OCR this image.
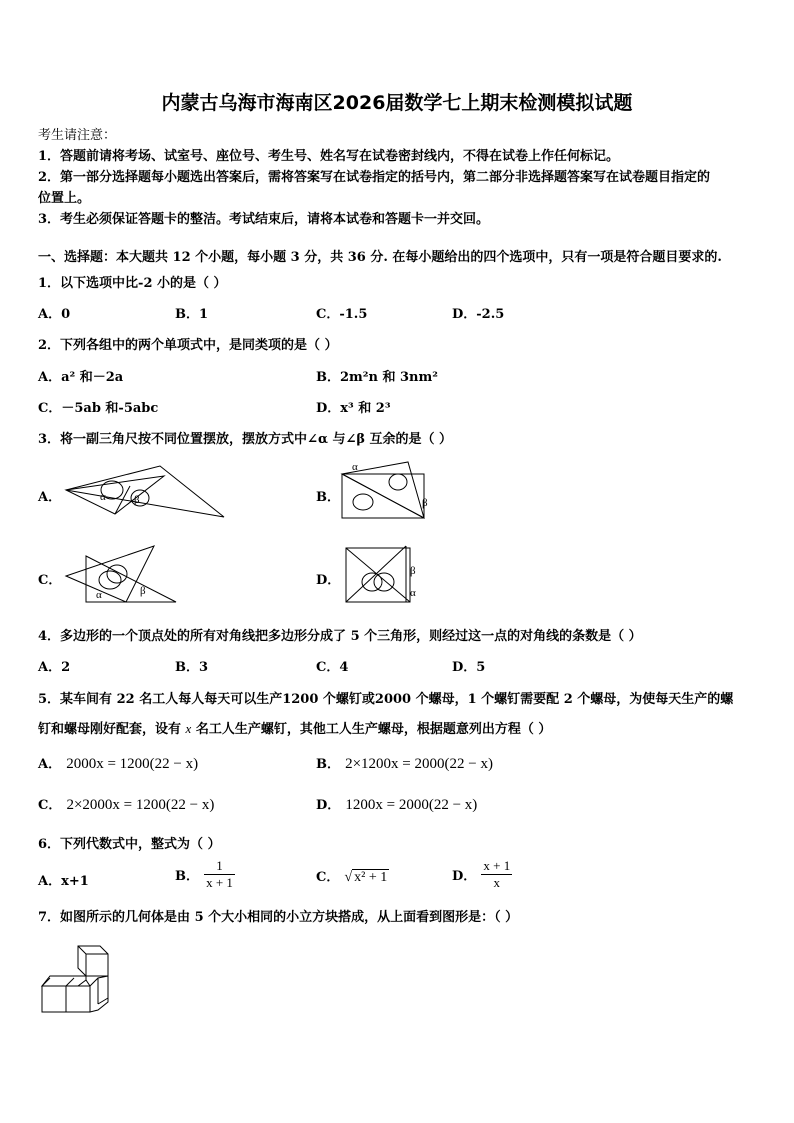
内蒙古乌海市海南区2026届数学七上期末检测模拟试题
考生请注意：
1．答题前请将考场、试室号、座位号、考生号、姓名写在试卷密封线内，不得在试卷上作任何标记。
2．第一部分选择题每小题选出答案后，需将答案写在试卷指定的括号内，第二部分非选择题答案写在试卷题目指定的
位置上。
3．考生必须保证答题卡的整洁。考试结束后，请将本试卷和答题卡一并交回。
一、选择题：本大题共 12 个小题，每小题 3 分，共 36 分. 在每小题给出的四个选项中，只有一项是符合题目要求的.
1．以下选项中比-2 小的是（ ）
A．0	B．1	C．-1.5	D．-2.5
2．下列各组中的两个单项式中，是同类项的是（ ）
A．a² 和－2a	B．2m²n 和 3nm²
C．－5ab 和-5abc	D．x³ 和 2³
3．将一副三角尺按不同位置摆放，摆放方式中∠α 与∠β 互余的是（ ）
A．	B．
C．	D．
α	β
α
β
α	β
β
α
4．多边形的一个顶点处的所有对角线把多边形分成了 5 个三角形，则经过这一点的对角线的条数是（ ）
A．2	B．3	C．4	D．5
5．某车间有 22 名工人每人每天可以生产1200 个螺钉或2000 个螺母，1 个螺钉需要配 2 个螺母，为使每天生产的螺
钉和螺母刚好配套，设有 x 名工人生产螺钉，其他工人生产螺母，根据题意列出方程（ ）
A． 2000x = 1200(22 − x)	B． 2×1200x = 2000(22 − x)
C． 2×2000x = 1200(22 − x)	D． 1200x = 2000(22 − x)
6．下列代数式中，整式为（ ）
A．x+1	B． $\frac{1}{x + 1}$	C． √ x² + 1	D． $\frac{x + 1}{x}$
7．如图所示的几何体是由 5 个大小相同的小立方块搭成，从上面看到图形是：（ ）
